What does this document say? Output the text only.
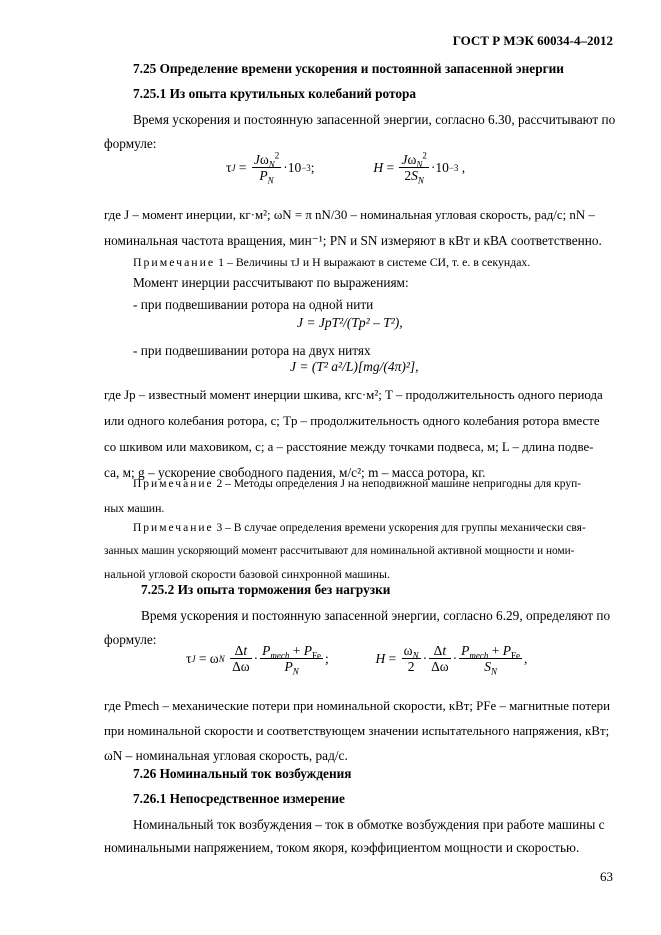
ГОСТ Р МЭК 60034-4–2012
7.25 Определение времени ускорения и постоянной запасенной энергии
7.25.1 Из опыта крутильных колебаний ротора
Время ускорения и постоянную запасенной энергии, согласно 6.30, рассчитывают по
формуле:
τ $J = \frac{J\omega_N^2}{P_N} \cdot 10 -3$ ;	$H = \frac{J\omega_N^2}{2S_N} \cdot 10 -3$ ,
где J – момент инерции, кг·м²; ωN = π nN/30 – номинальная угловая скорость, рад/с; nN –
номинальная частота вращения, мин⁻¹; PN и SN измеряют в кВт и кВА соответственно.
Примечание 1 – Величины τJ и H выражают в системе СИ, т. е. в секундах.
Момент инерции рассчитывают по выражениям:
- при подвешивании ротора на одной нити
J = JpT²/(Tp² – T²),
- при подвешивании ротора на двух нитях
J = (T² a²/L)[mg/(4π)²],
где Jp – известный момент инерции шкива, кгс·м²; T – продолжительность одного периода
или одного колебания ротора, с; Tp – продолжительность одного колебания ротора вместе
со шкивом или маховиком, с; a – расстояние между точками подвеса, м; L – длина подве-
са, м; g – ускорение свободного падения, м/с²; m – масса ротора, кг.
Примечание 2 – Методы определения J на неподвижной машине непригодны для круп-
ных машин.
Примечание 3 – В случае определения времени ускорения для группы механически свя-
занных машин ускоряющий момент рассчитывают для номинальной активной мощности и номи-
нальной угловой скорости базовой синхронной машины.
7.25.2 Из опыта торможения без нагрузки
Время ускорения и постоянную запасенной энергии, согласно 6.29, определяют по
формуле:
τ J = ω N
$\frac{\Delta t}{\Delta\omega} \cdot \frac{P_{mech} + P_{Fe}}{P_N}$ ;	$H = \frac{\omega_N}{2} \cdot \frac{\Delta t}{\Delta\omega} \cdot \frac{P_{mech} + P_{Fe}}{S_N}$ ,
где Pmech – механические потери при номинальной скорости, кВт; PFe – магнитные потери
при номинальной скорости и соответствующем значении испытательного напряжения, кВт;
ωN – номинальная угловая скорость, рад/с.
7.26 Номинальный ток возбуждения
7.26.1 Непосредственное измерение
Номинальный ток возбуждения – ток в обмотке возбуждения при работе машины с
номинальными напряжением, током якоря, коэффициентом мощности и скоростью.
63
